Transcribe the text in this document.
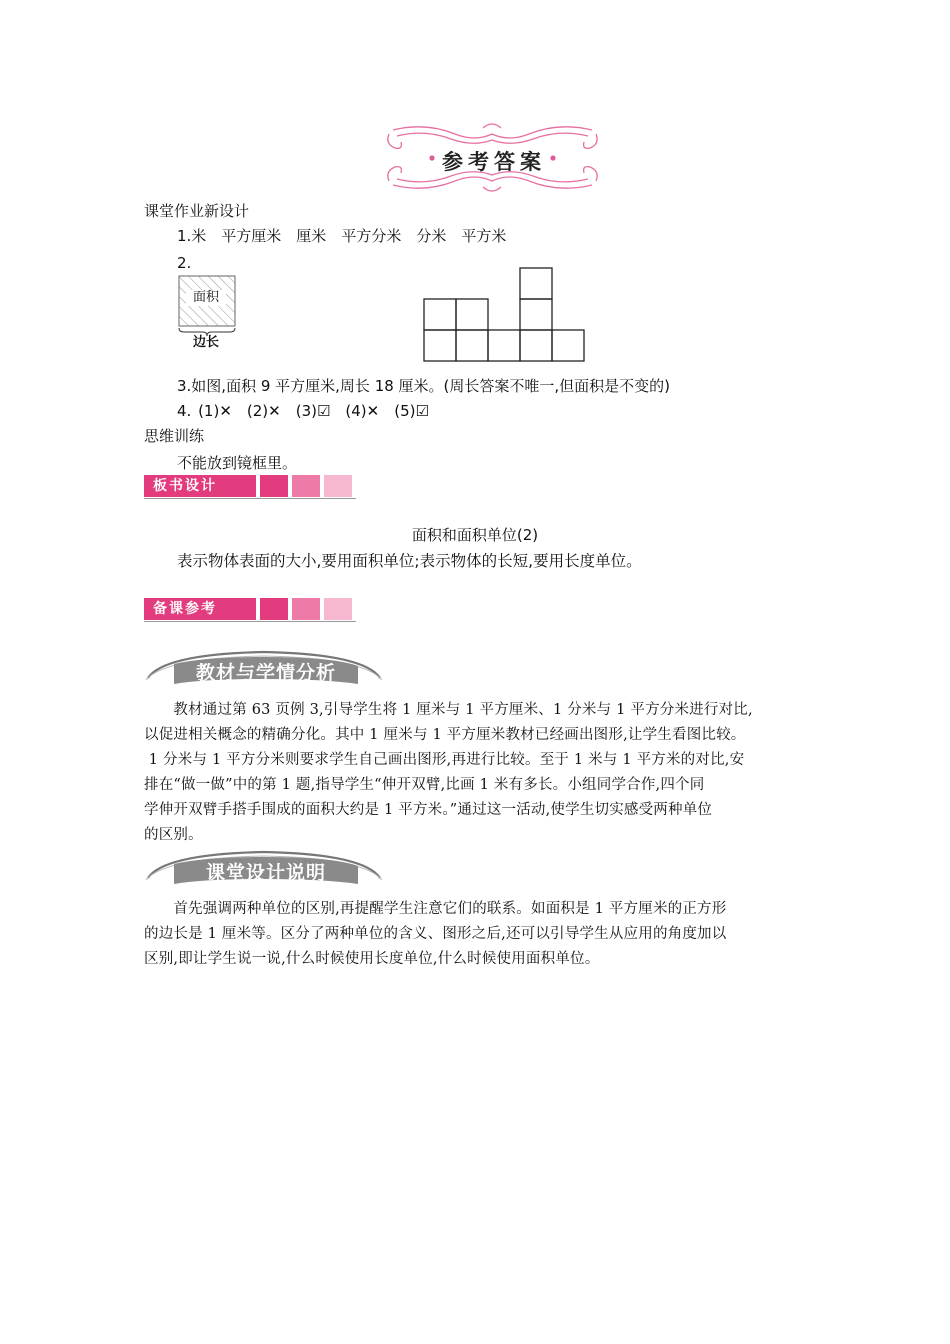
参考答案
课堂作业新设计
1.米　平方厘米　厘米　平方分米　分米　平方米
2.
面积
边长
3.如图,面积 9 平方厘米,周长 18 厘米。(周长答案不唯一,但面积是不变的)
4. (1)✕　(2)✕　(3)☑　(4)✕　(5)☑
思维训练
不能放到镜框里。
板书设计
面积和面积单位(2)
表示物体表面的大小,要用面积单位;表示物体的长短,要用长度单位。
备课参考
教材与学情分析
　　教材通过第 63 页例 3,引导学生将 1 厘米与 1 平方厘米、1 分米与 1 平方分米进行对比,
以促进相关概念的精确分化。其中 1 厘米与 1 平方厘米教材已经画出图形,让学生看图比较。
1 分米与 1 平方分米则要求学生自己画出图形,再进行比较。至于 1 米与 1 平方米的对比,安
排在“做一做”中的第 1 题,指导学生“伸开双臂,比画 1 米有多长。小组同学合作,四个同
学伸开双臂手搭手围成的面积大约是 1 平方米。”通过这一活动,使学生切实感受两种单位
的区别。
课堂设计说明
　　首先强调两种单位的区别,再提醒学生注意它们的联系。如面积是 1 平方厘米的正方形
的边长是 1 厘米等。区分了两种单位的含义、图形之后,还可以引导学生从应用的角度加以
区别,即让学生说一说,什么时候使用长度单位,什么时候使用面积单位。
